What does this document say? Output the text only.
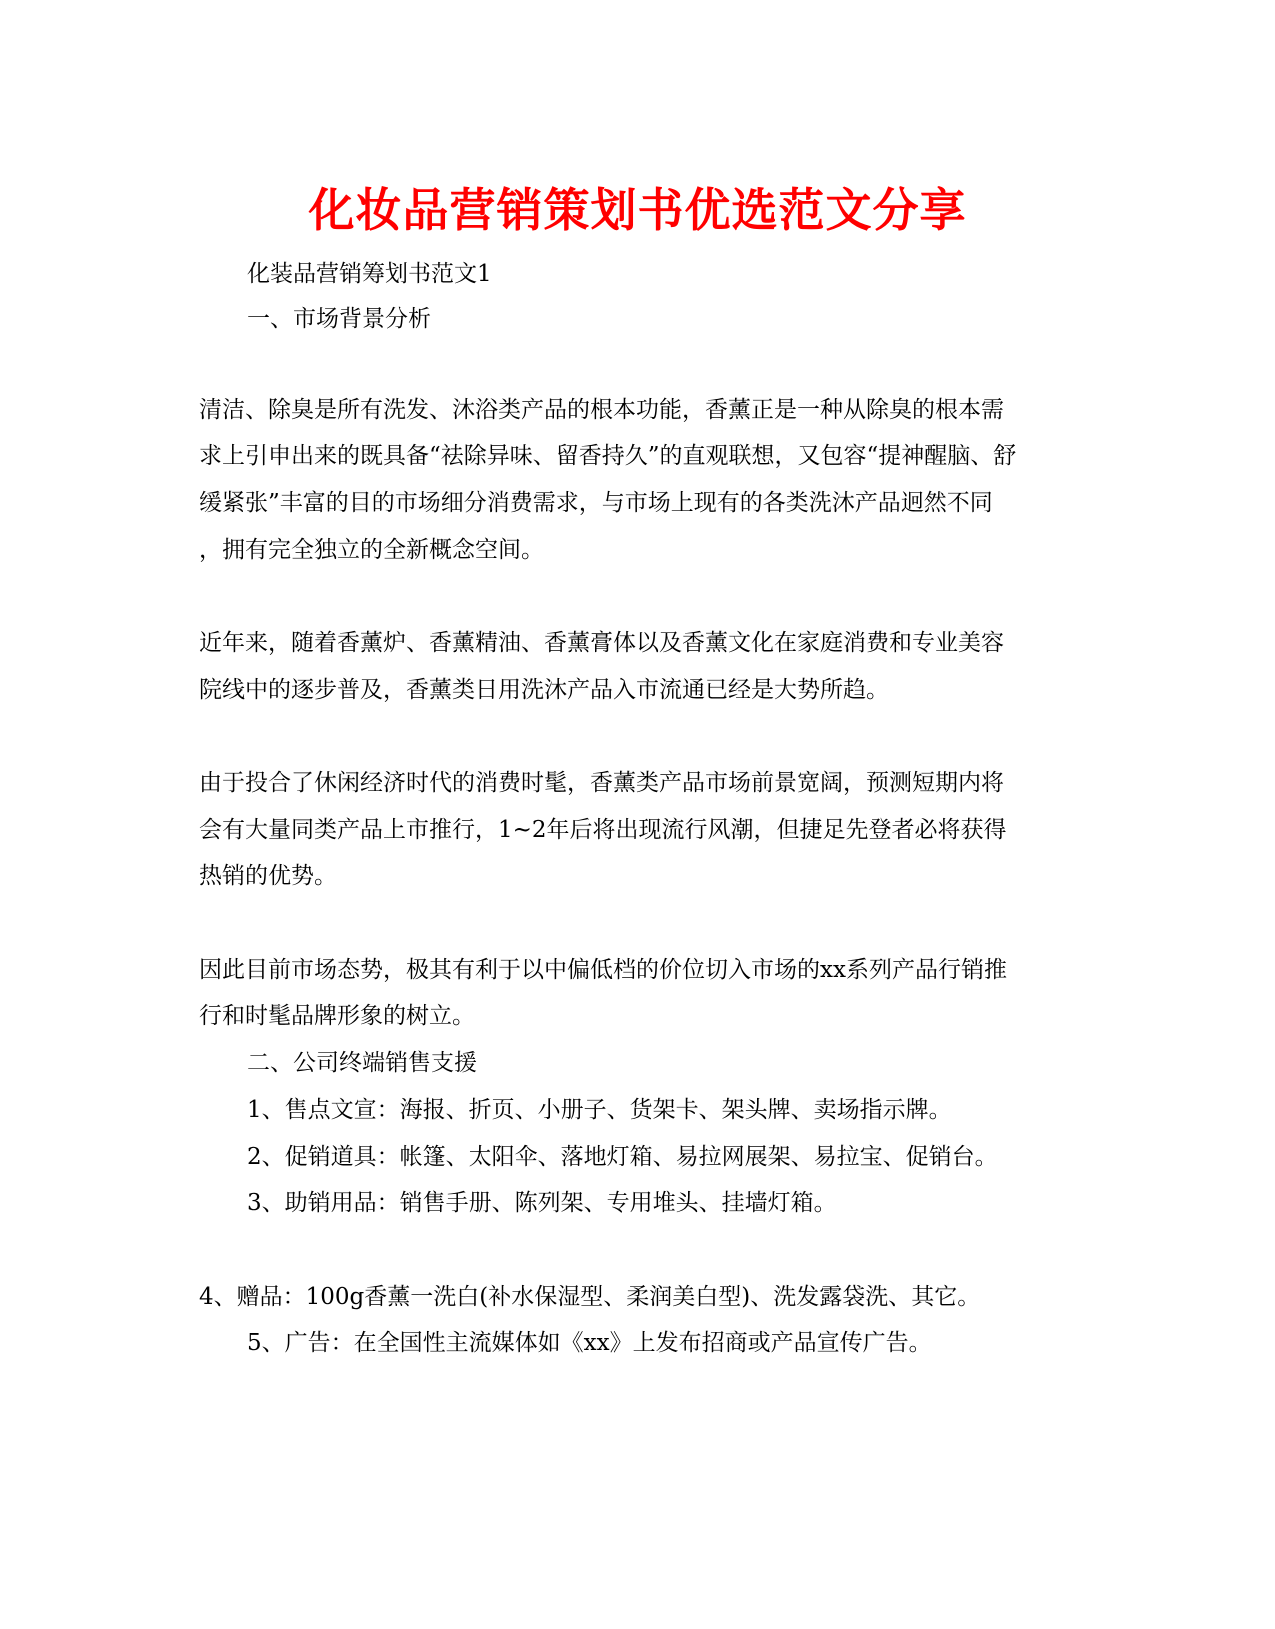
化妆品营销策划书优选范文分享

化装品营销筹划书范文1

一、市场背景分析

清洁、除臭是所有洗发、沐浴类产品的根本功能，香薰正是一种从除臭的根本需

求上引申出来的既具备“祛除异味、留香持久”的直观联想，又包容“提神醒脑、舒

缓紧张”丰富的目的市场细分消费需求，与市场上现有的各类洗沐产品迥然不同

，拥有完全独立的全新概念空间。

近年来，随着香薰炉、香薰精油、香薰膏体以及香薰文化在家庭消费和专业美容

院线中的逐步普及，香薰类日用洗沐产品入市流通已经是大势所趋。

由于投合了休闲经济时代的消费时髦，香薰类产品市场前景宽阔，预测短期内将

会有大量同类产品上市推行，1~2年后将出现流行风潮，但捷足先登者必将获得

热销的优势。

因此目前市场态势，极其有利于以中偏低档的价位切入市场的xx系列产品行销推

行和时髦品牌形象的树立。

二、公司终端销售支援

1、售点文宣：海报、折页、小册子、货架卡、架头牌、卖场指示牌。

2、促销道具：帐篷、太阳伞、落地灯箱、易拉网展架、易拉宝、促销台。

3、助销用品：销售手册、陈列架、专用堆头、挂墙灯箱。

4、赠品：100g香薰一洗白(补水保湿型、柔润美白型)、洗发露袋洗、其它。

5、广告：在全国性主流媒体如《xx》上发布招商或产品宣传广告。
